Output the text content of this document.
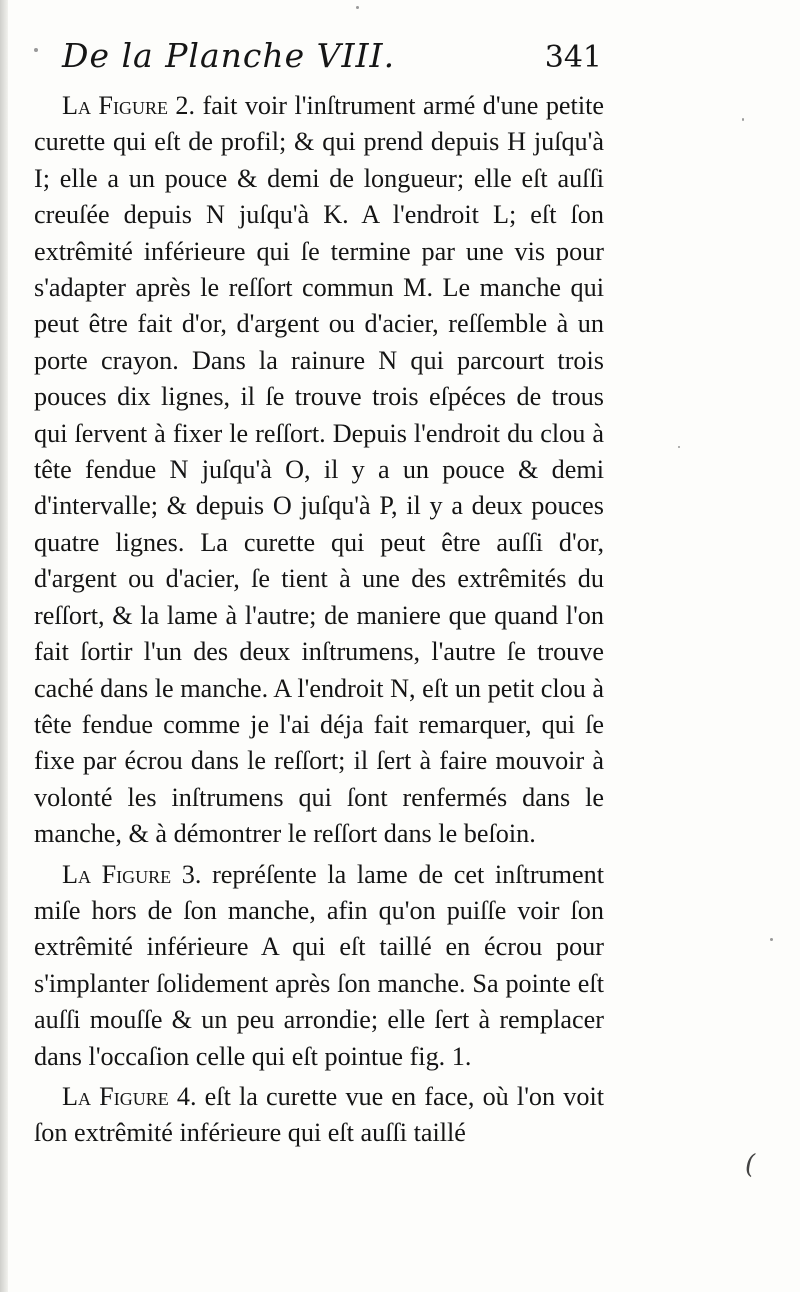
De la Planche VIII.	341

La Figure 2. fait voir l'inſtrument armé d'une petite curette qui eſt de profil; & qui prend depuis H juſqu'à I; elle a un pouce & demi de longueur; elle eſt auſſi creuſée depuis N juſqu'à K. A l'endroit L; eſt ſon extrêmité inférieure qui ſe termine par une vis pour s'adapter après le reſſort commun M. Le manche qui peut être fait d'or, d'argent ou d'acier, reſſemble à un porte crayon. Dans la rainure N qui parcourt trois pouces dix lignes, il ſe trouve trois eſpéces de trous qui ſervent à fixer le reſſort. Depuis l'endroit du clou à tête fendue N juſqu'à O, il y a un pouce & demi d'intervalle; & depuis O juſqu'à P, il y a deux pouces quatre lignes. La curette qui peut être auſſi d'or, d'argent ou d'acier, ſe tient à une des extrêmités du reſſort, & la lame à l'autre; de maniere que quand l'on fait ſortir l'un des deux inſtrumens, l'autre ſe trouve caché dans le manche. A l'endroit N, eſt un petit clou à tête fendue comme je l'ai déja fait remarquer, qui ſe fixe par écrou dans le reſſort; il ſert à faire mouvoir à volonté les inſtrumens qui ſont renfermés dans le manche, & à démontrer le reſſort dans le beſoin.

La Figure 3. repréſente la lame de cet inſtrument miſe hors de ſon manche, afin qu'on puiſſe voir ſon extrêmité inférieure A qui eſt taillé en écrou pour s'implanter ſolidement après ſon manche. Sa pointe eſt auſſi mouſſe & un peu arrondie; elle ſert à remplacer dans l'occaſion celle qui eſt pointue fig. 1.

La Figure 4. eſt la curette vue en face, où l'on voit ſon extrêmité inférieure qui eſt auſſi taillé

(
